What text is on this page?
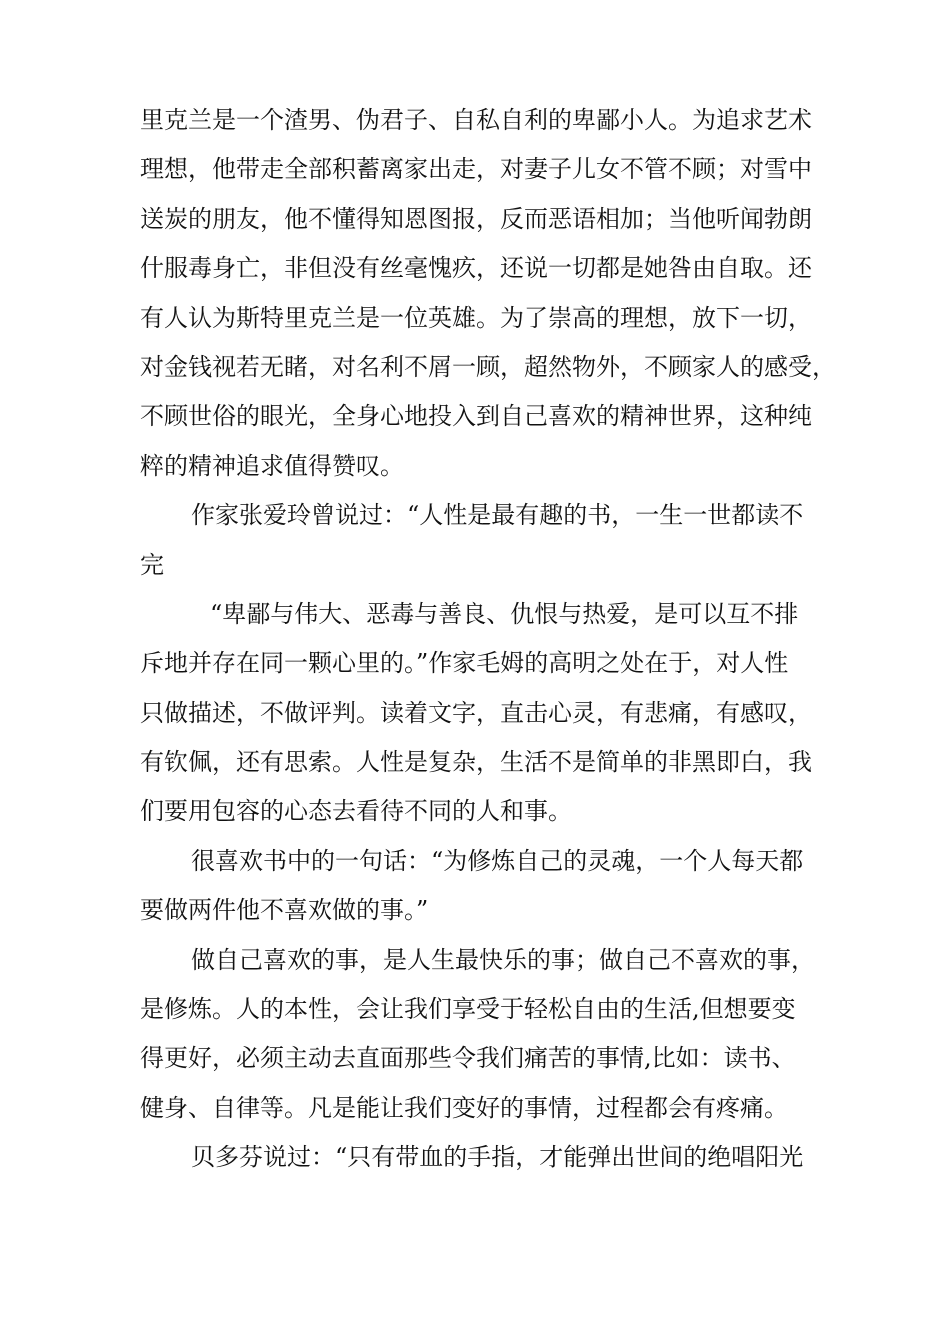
里克兰是一个渣男、伪君子、自私自利的卑鄙小人。为追求艺术
理想，他带走全部积蓄离家出走，对妻子儿女不管不顾；对雪中
送炭的朋友，他不懂得知恩图报，反而恶语相加；当他听闻勃朗
什服毒身亡，非但没有丝毫愧疚，还说一切都是她咎由自取。还
有人认为斯特里克兰是一位英雄。为了崇高的理想，放下一切，
对金钱视若无睹，对名利不屑一顾，超然物外，不顾家人的感受，
不顾世俗的眼光，全身心地投入到自己喜欢的精神世界，这种纯
粹的精神追求值得赞叹。
作家张爱玲曾说过：“人性是最有趣的书，一生一世都读不
完
“卑鄙与伟大、恶毒与善良、仇恨与热爱，是可以互不排
斥地并存在同一颗心里的。”作家毛姆的高明之处在于，对人性
只做描述，不做评判。读着文字，直击心灵，有悲痛，有感叹，
有钦佩，还有思索。人性是复杂，生活不是简单的非黑即白，我
们要用包容的心态去看待不同的人和事。
很喜欢书中的一句话：“为修炼自己的灵魂，一个人每天都
要做两件他不喜欢做的事。”
做自己喜欢的事，是人生最快乐的事；做自己不喜欢的事，
是修炼。人的本性，会让我们享受于轻松自由的生活,但想要变
得更好，必须主动去直面那些令我们痛苦的事情,比如：读书、
健身、自律等。凡是能让我们变好的事情，过程都会有疼痛。
贝多芬说过：“只有带血的手指，才能弹出世间的绝唱阳光
